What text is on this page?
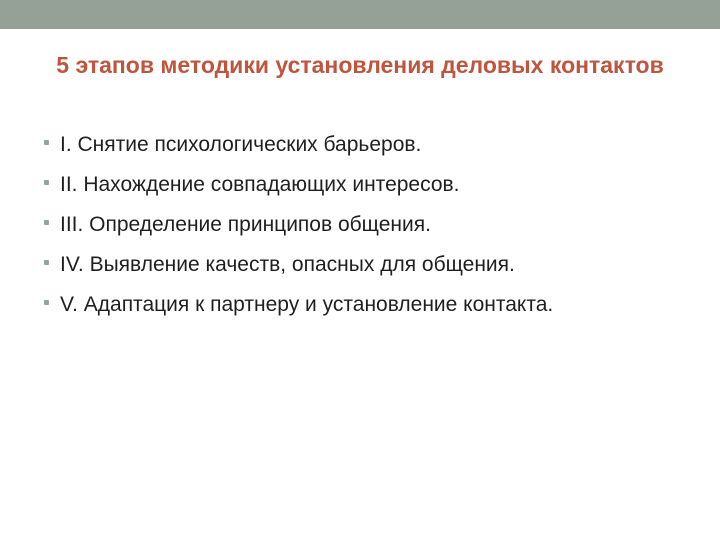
5 этапов методики установления деловых контактов
I. Снятие психологических барьеров.
II. Нахождение совпадающих интересов.
III. Определение принципов общения.
IV. Выявление качеств, опасных для общения.
V. Адаптация к партнеру и установление контакта.
